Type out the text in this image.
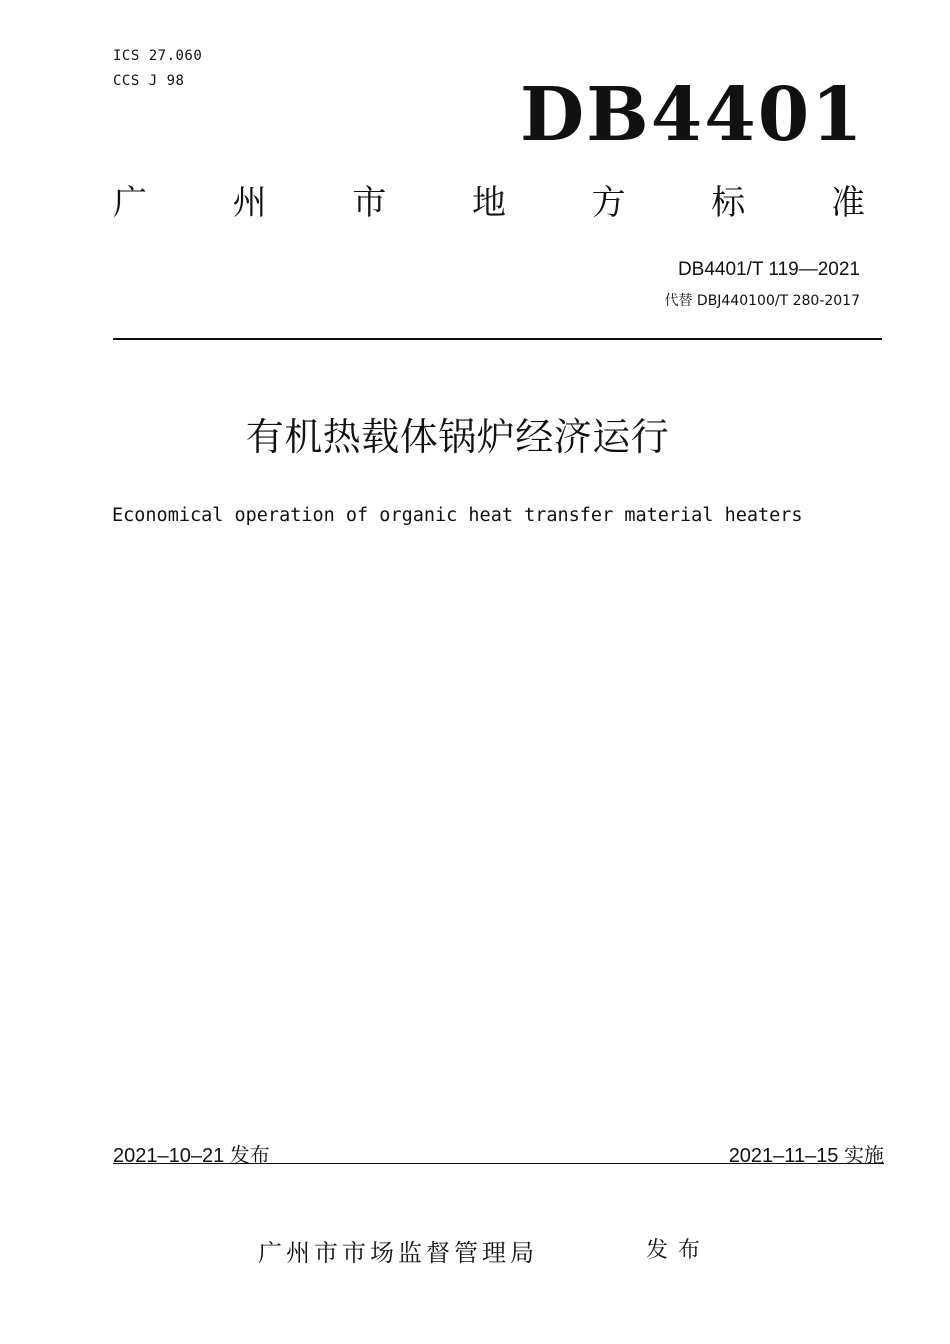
ICS 27.060
CCS J 98	DB4401
广	州	市	地	方	标	准
DB4401/T 119—2021
代替 DBJ440100/T 280-2017
有机热载体锅炉经济运行
Economical operation of organic heat transfer material heaters
2021–10–21 发布	2021–11–15 实施
广州市市场监督管理局	发布
